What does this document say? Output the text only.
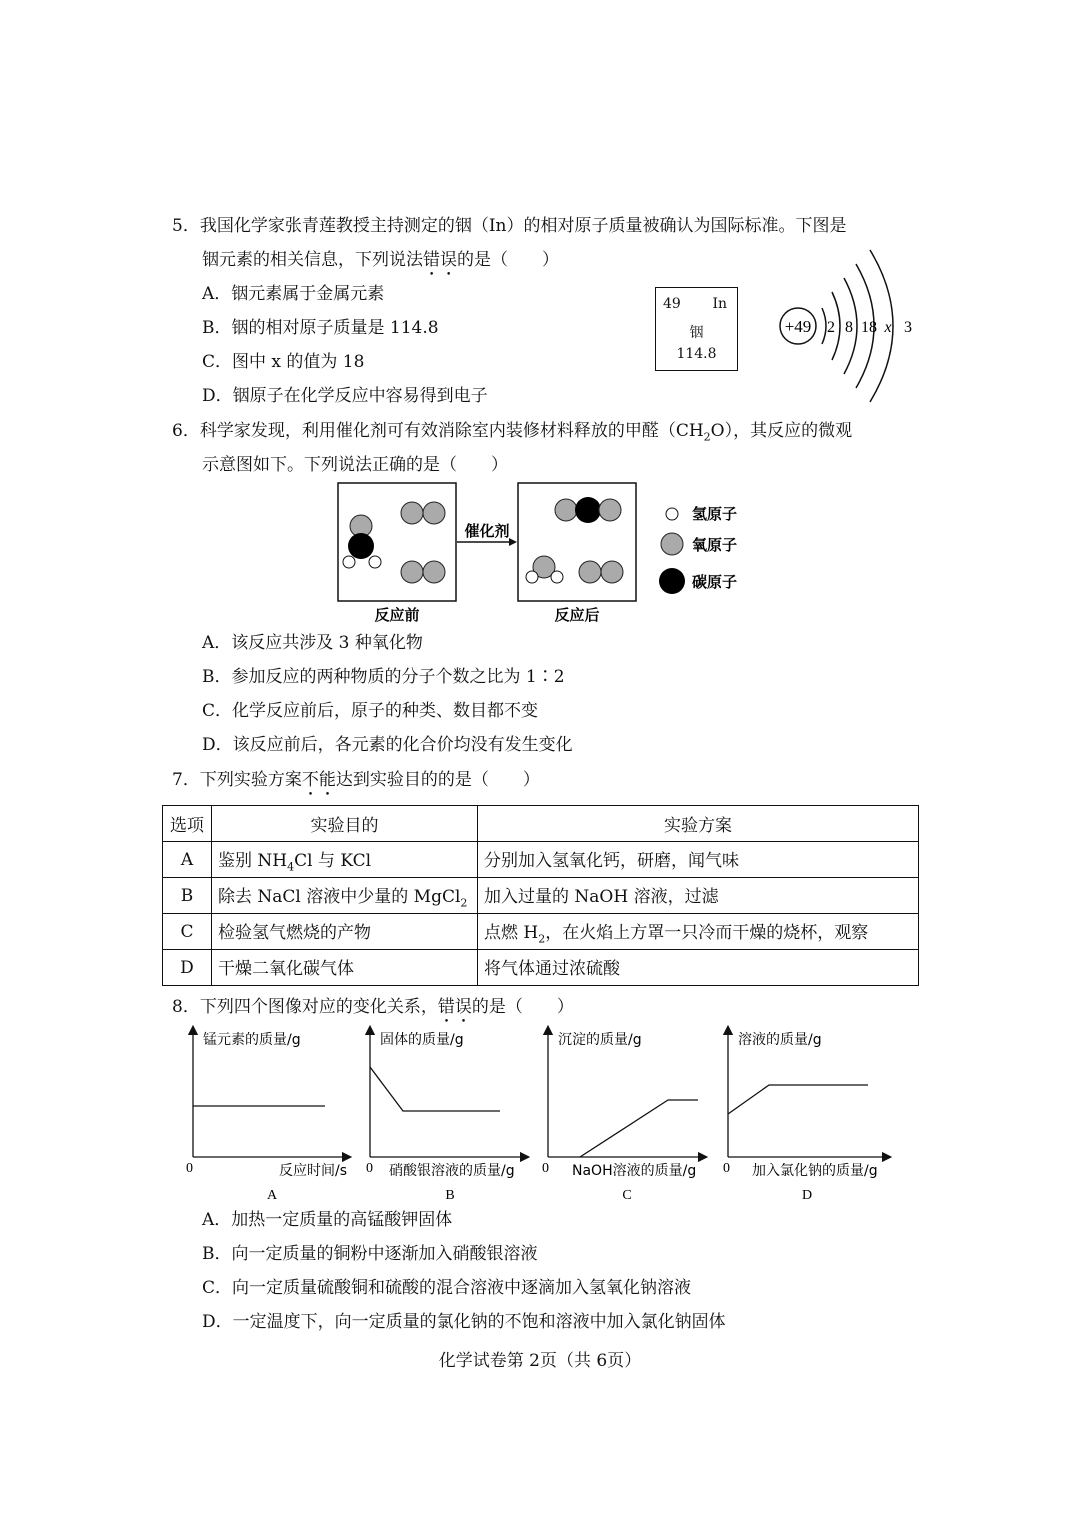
5．我国化学家张青莲教授主持测定的铟（In）的相对原子质量被确认为国际标准。下图是
铟元素的相关信息，下列说法错误的是（　　）
A．铟元素属于金属元素
B．铟的相对原子质量是 114.8
C．图中 x 的值为 18
D．铟原子在化学反应中容易得到电子
49 In
铟
114.8
+49 2 8 18 x 3
6．科学家发现，利用催化剂可有效消除室内装修材料释放的甲醛$(CH_2O)$，其反应的微观
示意图如下。下列说法正确的是（　　）
催化剂
反应前	反应后
氢原子
氧原子
碳原子
A．该反应共涉及 3 种氧化物
B．参加反应的两种物质的分子个数之比为 1∶2
C．化学反应前后，原子的种类、数目都不变
D．该反应前后，各元素的化合价均没有发生变化
7．下列实验方案不能达到实验目的的是（　　）
选项	实验目的	实验方案
A	鉴别 $NH_4Cl$ 与 KCl	分别加入氢氧化钙，研磨，闻气味
B	除去 NaCl 溶液中少量的 MgCl$_2$	加入过量的 NaOH 溶液，过滤
C	检验氢气燃烧的产物	点燃 $H_2$，在火焰上方罩一只冷而干燥的烧杯，观察
D	干燥二氧化碳气体	将气体通过浓硫酸
8．下列四个图像对应的变化关系，错误的是（　　）
锰元素的质量/g
反应时间/s
0
A
固体的质量/g
硝酸银溶液的质量/g
0
B
沉淀的质量/g
NaOH溶液的质量/g
0
C
溶液的质量/g
加入氯化钠的质量/g
0
D
A．加热一定质量的高锰酸钾固体
B．向一定质量的铜粉中逐渐加入硝酸银溶液
C．向一定质量硫酸铜和硫酸的混合溶液中逐滴加入氢氧化钠溶液
D．一定温度下，向一定质量的氯化钠的不饱和溶液中加入氯化钠固体
化学试卷第 2页（共 6页）
